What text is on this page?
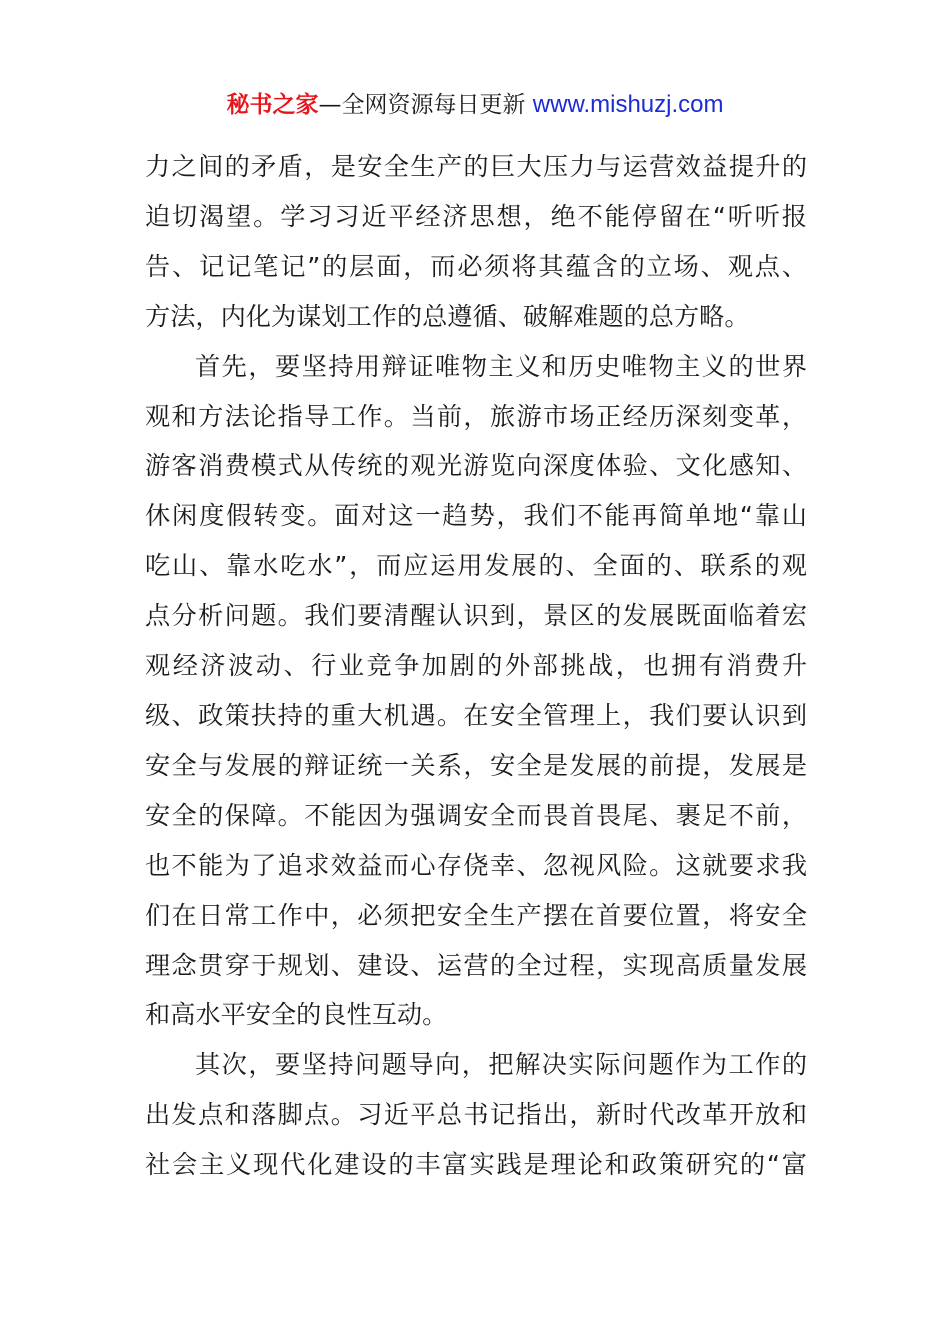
秘书之家—全网资源每日更新 www.mishuzj.com
力之间的矛盾，是安全生产的巨大压力与运营效益提升的
迫切渴望。学习习近平经济思想，绝不能停留在“听听报
告、记记笔记”的层面，而必须将其蕴含的立场、观点、
方法，内化为谋划工作的总遵循、破解难题的总方略。
首先，要坚持用辩证唯物主义和历史唯物主义的世界
观和方法论指导工作。当前，旅游市场正经历深刻变革，
游客消费模式从传统的观光游览向深度体验、文化感知、
休闲度假转变。面对这一趋势，我们不能再简单地“靠山
吃山、靠水吃水”，而应运用发展的、全面的、联系的观
点分析问题。我们要清醒认识到，景区的发展既面临着宏
观经济波动、行业竞争加剧的外部挑战，也拥有消费升
级、政策扶持的重大机遇。在安全管理上，我们要认识到
安全与发展的辩证统一关系，安全是发展的前提，发展是
安全的保障。不能因为强调安全而畏首畏尾、裹足不前，
也不能为了追求效益而心存侥幸、忽视风险。这就要求我
们在日常工作中，必须把安全生产摆在首要位置，将安全
理念贯穿于规划、建设、运营的全过程，实现高质量发展
和高水平安全的良性互动。
其次，要坚持问题导向，把解决实际问题作为工作的
出发点和落脚点。习近平总书记指出，新时代改革开放和
社会主义现代化建设的丰富实践是理论和政策研究的“富
